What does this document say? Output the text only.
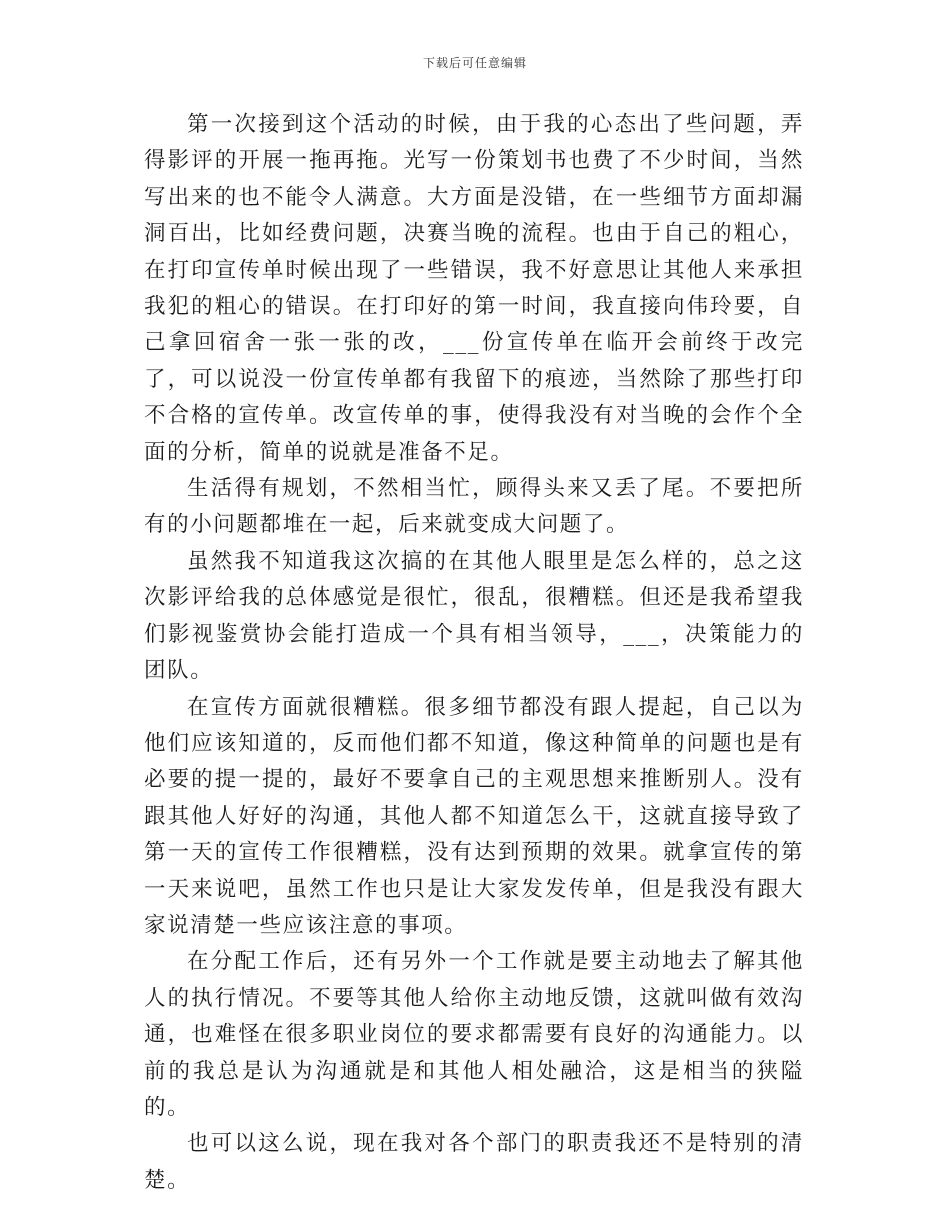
下载后可任意编辑

第一次接到这个活动的时候，由于我的心态出了些问题，弄得影评的开展一拖再拖。光写一份策划书也费了不少时间，当然写出来的也不能令人满意。大方面是没错，在一些细节方面却漏洞百出，比如经费问题，决赛当晚的流程。也由于自己的粗心，在打印宣传单时候出现了一些错误，我不好意思让其他人来承担我犯的粗心的错误。在打印好的第一时间，我直接向伟玲要，自己拿回宿舍一张一张的改，___份宣传单在临开会前终于改完了，可以说没一份宣传单都有我留下的痕迹，当然除了那些打印不合格的宣传单。改宣传单的事，使得我没有对当晚的会作个全面的分析，简单的说就是准备不足。

生活得有规划，不然相当忙，顾得头来又丢了尾。不要把所有的小问题都堆在一起，后来就变成大问题了。

虽然我不知道我这次搞的在其他人眼里是怎么样的，总之这次影评给我的总体感觉是很忙，很乱，很糟糕。但还是我希望我们影视鉴赏协会能打造成一个具有相当领导，___，决策能力的团队。

在宣传方面就很糟糕。很多细节都没有跟人提起，自己以为他们应该知道的，反而他们都不知道，像这种简单的问题也是有必要的提一提的，最好不要拿自己的主观思想来推断别人。没有跟其他人好好的沟通，其他人都不知道怎么干，这就直接导致了第一天的宣传工作很糟糕，没有达到预期的效果。就拿宣传的第一天来说吧，虽然工作也只是让大家发发传单，但是我没有跟大家说清楚一些应该注意的事项。

在分配工作后，还有另外一个工作就是要主动地去了解其他人的执行情况。不要等其他人给你主动地反馈，这就叫做有效沟通，也难怪在很多职业岗位的要求都需要有良好的沟通能力。以前的我总是认为沟通就是和其他人相处融洽，这是相当的狭隘的。

也可以这么说，现在我对各个部门的职责我还不是特别的清楚。
